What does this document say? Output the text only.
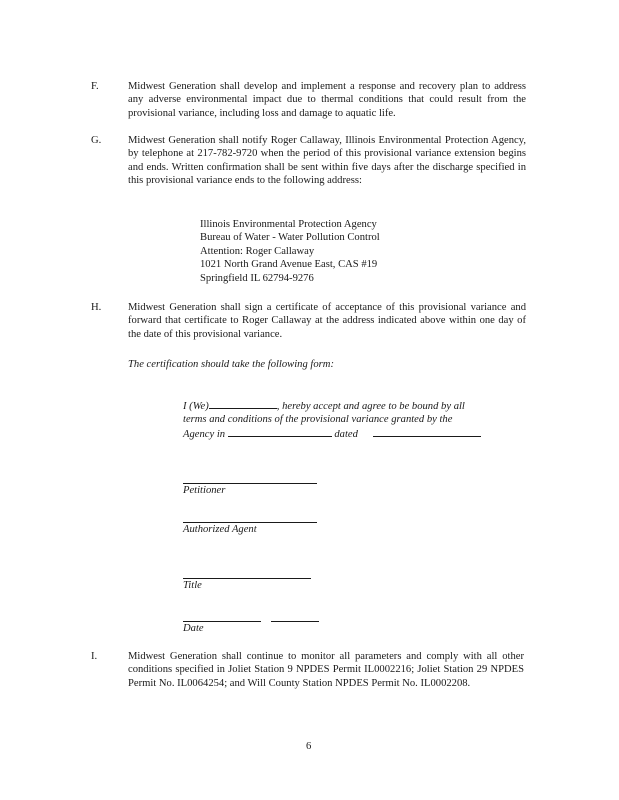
F.	Midwest Generation shall develop and implement a response and recovery plan to address any adverse environmental impact due to thermal conditions that could result from the provisional variance, including loss and damage to aquatic life.
G.	Midwest Generation shall notify Roger Callaway, Illinois Environmental Protection Agency, by telephone at 217-782-9720 when the period of this provisional variance extension begins and ends. Written confirmation shall be sent within five days after the discharge specified in this provisional variance ends to the following address:
Illinois Environmental Protection Agency
Bureau of Water - Water Pollution Control
Attention: Roger Callaway
1021 North Grand Avenue East, CAS #19
Springfield IL 62794-9276
H.	Midwest Generation shall sign a certificate of acceptance of this provisional variance and forward that certificate to Roger Callaway at the address indicated above within one day of the date of this provisional variance.
The certification should take the following form:
I (We)	, hereby accept and agree to be bound by all
terms and conditions of the provisional variance granted by the
Agency in	dated
Petitioner
Authorized Agent
Title
Date
I.	Midwest Generation shall continue to monitor all parameters and comply with all other conditions specified in Joliet Station 9 NPDES Permit IL0002216; Joliet Station 29 NPDES Permit No. IL0064254; and Will County Station NPDES Permit No. IL0002208.
6
